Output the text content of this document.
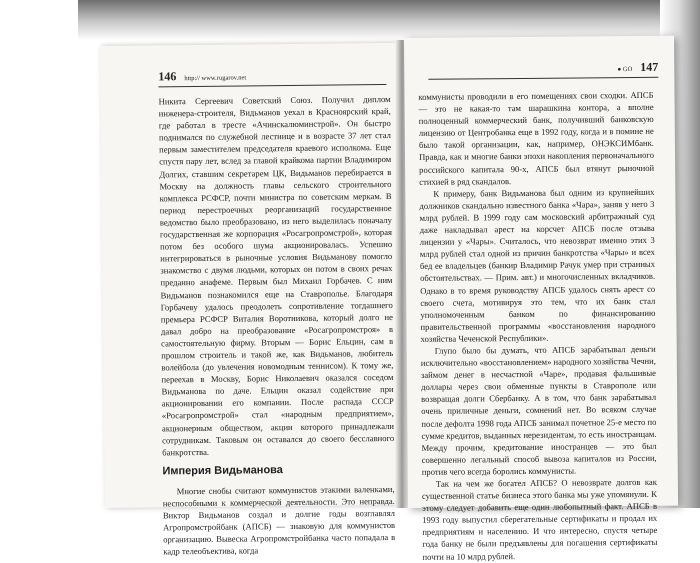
146 http:// www.rugarov.net

Никита Сергеевич Советский Союз. Получил диплом инженера-строителя, Видьманов уехал в Красноярский край, где работал в тресте «Ачинскалюминстрой». Он быстро поднимался по служебной лестнице и в возрасте 37 лет стал первым заместителем председателя краевого исполкома. Еще спустя пару лет, вслед за главой крайкома партии Владимиром Долгих, ставшим секретарем ЦК, Видьманов перебирается в Москву на должность главы сельского строительного комплекса РСФСР, почти министра по советским меркам. В период перестроечных реорганизаций государственное ведомство было преобразовано, из него выделилась поначалу государственная же корпорация «Росагропромстрой», которая потом без особого шума акционировалась. Успешно интегрироваться в рыночные условия Видьманову помогло знакомство с двумя людьми, которых он потом в своих речах преданно анафеме. Первым был Михаил Горбачев. С ним Видьманов познакомился еще на Ставрополье. Благодаря Горбачеву удалось преодолеть сопротивление тогдашнего премьера РСФСР Виталия Воротникова, который долго не давал добро на преобразование «Росагропромстроя» в самостоятельную фирму. Вторым — Борис Ельцин, сам в прошлом строитель и такой же, как Видьманов, любитель волейбола (до увлечения новомодным теннисом). К тому же, переехав в Москву, Борис Николаевич оказался соседом Видьманова по даче. Ельцин оказал содействие при акционировании его компании. После распада СССР «Росагропромстрой» стал «народным предприятием», акционерным обществом, акции которого принадлежали сотрудникам. Таковым он оставался до своего бесславного банкротства.

Империя Видьманова

Многие снобы считают коммунистов этакими валенками, неспособными к коммерческой деятельности. Это неправда. Виктор Видьманов создал и долгие годы возглавлял Агропромстройбанк (АПСБ) — знаковую для коммунистов организацию. Вывеска Агропромстройбанка часто попадала в кадр телеобъектива, когда

● GO 147

коммунисты проводили в его помещениях свои сходки. АПСБ — это не какая-то там шарашкина контора, а вполне полноценный коммерческий банк, получивший банковскую лицензию от Центробанка еще в 1992 году, когда и в помине не было такой организации, как, например, ОНЭКСИМбанк. Правда, как и многие банки эпохи накопления первоначального российского капитала 90-х, АПСБ был втянут рыночной стихией в ряд скандалов.

К примеру, банк Видьманова был одним из крупнейших должников скандально известного банка «Чара», заняв у него 3 млрд рублей. В 1999 году сам московский арбитражный суд даже накладывал арест на корсчет АПСБ после отзыва лицензии у «Чары». Считалось, что невозврат именно этих 3 млрд рублей стал одной из причин банкротства «Чары» и всех бед ее владельцев (банкир Владимир Рачук умер при странных обстоятельствах. — Прим. авт.) и многочисленных вкладчиков. Однако в то время руководству АПСБ удалось снять арест со своего счета, мотивируя это тем, что их банк стал уполномоченным банком по финансированию правительственной программы «восстановления народного хозяйства Чеченской Республики».

Глупо было бы думать, что АПСБ зарабатывал деньги исключительно «восстановлением» народного хозяйства Чечни, займом денег в несчастной «Чаре», продавая фальшивые доллары через свои обменные пункты в Ставрополе или возвращая долги Сбербанку. А в том, что банк зарабатывал очень приличные деньги, сомнений нет. Во всяком случае после дефолта 1998 года АПСБ занимал почетное 25-е место по сумме кредитов, выданных нерезидентам, то есть иностранцам. Между прочим, кредитование иностранцев — это был совершенно легальный способ вывоза капиталов из России, против чего всегда боролись коммунисты.

Так на чем же богател АПСБ? О невозврате долгов как существенной статье бизнеса этого банка мы уже упомянули. К этому следует добавить еще один любопытный факт. АПСБ в 1993 году выпустил сберегательные сертификаты и продал их предприятиям и населению. И что интересно, спустя четыре года банку не были предъявлены для погашения сертификаты почти на 10 млрд рублей.
